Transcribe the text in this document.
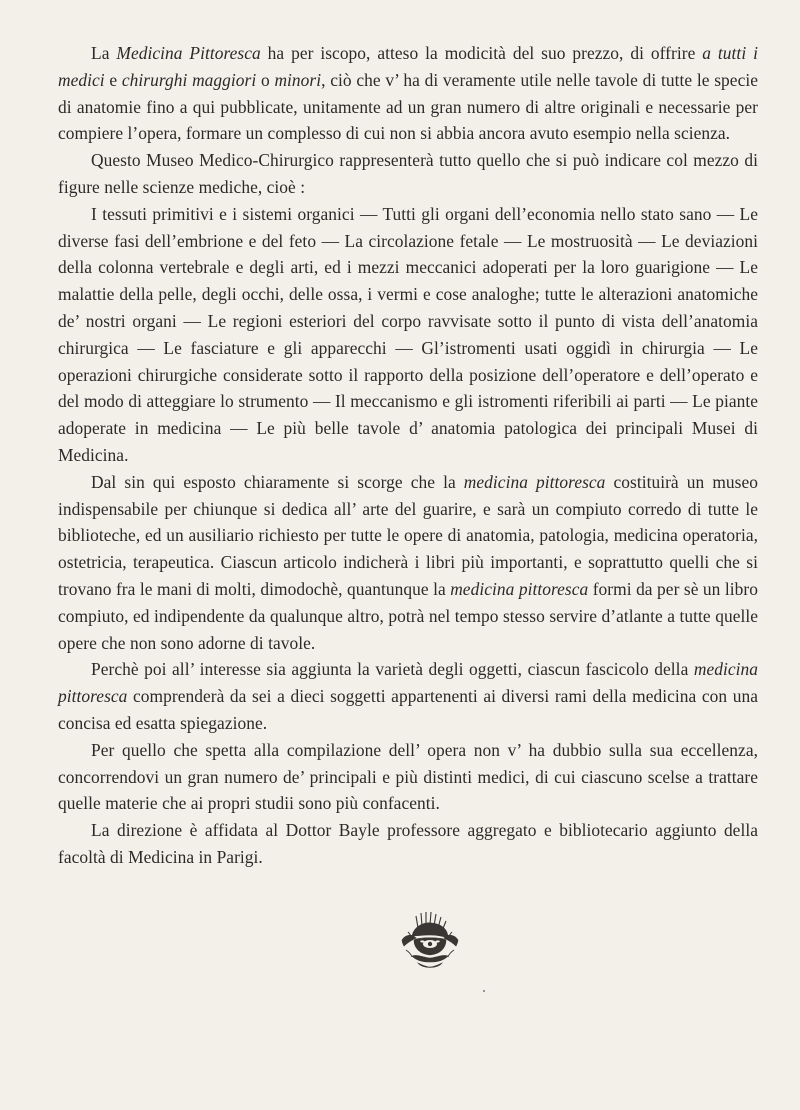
La Medicina Pittoresca ha per iscopo, atteso la modicità del suo prezzo, di offrire a tutti i medici e chirurghi maggiori o minori, ciò che v’ ha di veramente utile nelle tavole di tutte le specie di anatomie fino a qui pubblicate, unitamente ad un gran numero di altre originali e necessarie per compiere l’opera, formare un complesso di cui non si abbia ancora avuto esempio nella scienza.

Questo Museo Medico-Chirurgico rappresenterà tutto quello che si può indicare col mezzo di figure nelle scienze mediche, cioè :

I tessuti primitivi e i sistemi organici — Tutti gli organi dell’economia nello stato sano — Le diverse fasi dell’embrione e del feto — La circolazione fetale — Le mostruosità — Le deviazioni della colonna vertebrale e degli arti, ed i mezzi meccanici adoperati per la loro guarigione — Le malattie della pelle, degli occhi, delle ossa, i vermi e cose analoghe; tutte le alterazioni anatomiche de’ nostri organi — Le regioni esteriori del corpo ravvisate sotto il punto di vista dell’anatomia chirurgica — Le fasciature e gli apparecchi — Gl’istromenti usati oggidì in chirurgia — Le operazioni chirurgiche considerate sotto il rapporto della posizione dell’operatore e dell’operato e del modo di atteggiare lo strumento — Il meccanismo e gli istromenti riferibili ai parti — Le piante adoperate in medicina — Le più belle tavole d’ anatomia patologica dei principali Musei di Medicina.

Dal sin qui esposto chiaramente si scorge che la medicina pittoresca costituirà un museo indispensabile per chiunque si dedica all’ arte del guarire, e sarà un compiuto corredo di tutte le biblioteche, ed un ausiliario richiesto per tutte le opere di anatomia, patologia, medicina operatoria, ostetricia, terapeutica. Ciascun articolo indicherà i libri più importanti, e soprattutto quelli che si trovano fra le mani di molti, dimodochè, quantunque la medicina pittoresca formi da per sè un libro compiuto, ed indipendente da qualunque altro, potrà nel tempo stesso servire d’atlante a tutte quelle opere che non sono adorne di tavole.

Perchè poi all’ interesse sia aggiunta la varietà degli oggetti, ciascun fascicolo della medicina pittoresca comprenderà da sei a dieci soggetti appartenenti ai diversi rami della medicina con una concisa ed esatta spiegazione.

Per quello che spetta alla compilazione dell’ opera non v’ ha dubbio sulla sua eccellenza, concorrendovi un gran numero de’ principali e più distinti medici, di cui ciascuno scelse a trattare quelle materie che ai propri studii sono più confacenti.

La direzione è affidata al Dottor Bayle professore aggregato e bibliotecario aggiunto della facoltà di Medicina in Parigi.
